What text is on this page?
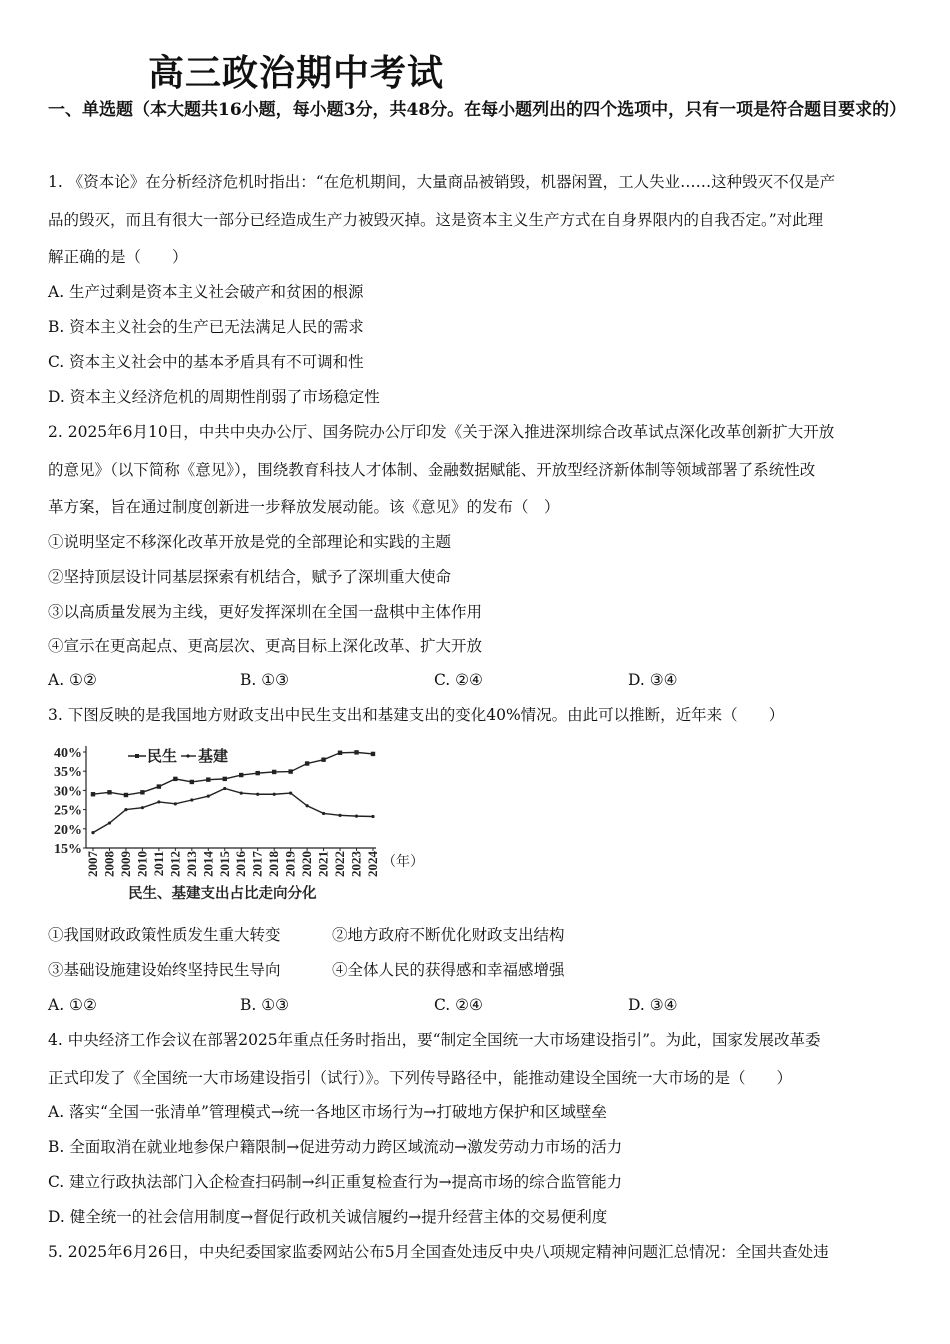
高三政治期中考试
一、单选题（本大题共16小题，每小题3分，共48分。在每小题列出的四个选项中，只有一项是符合题目要求的）
1. 《资本论》在分析经济危机时指出：“在危机期间，大量商品被销毁，机器闲置，工人失业……这种毁灭不仅是产
品的毁灭，而且有很大一部分已经造成生产力被毁灭掉。这是资本主义生产方式在自身界限内的自我否定。”对此理
解正确的是（　　）
A. 生产过剩是资本主义社会破产和贫困的根源
B. 资本主义社会的生产已无法满足人民的需求
C. 资本主义社会中的基本矛盾具有不可调和性
D. 资本主义经济危机的周期性削弱了市场稳定性
2. 2025年6月10日，中共中央办公厅、国务院办公厅印发《关于深入推进深圳综合改革试点深化改革创新扩大开放
的意见》（以下简称《意见》），围绕教育科技人才体制、金融数据赋能、开放型经济新体制等领域部署了系统性改
革方案，旨在通过制度创新进一步释放发展动能。该《意见》的发布（　）
①说明坚定不移深化改革开放是党的全部理论和实践的主题
②坚持顶层设计同基层探索有机结合，赋予了深圳重大使命
③以高质量发展为主线，更好发挥深圳在全国一盘棋中主体作用
④宣示在更高起点、更高层次、更高目标上深化改革、扩大开放
A. ①②	B. ①③	C. ②④	D. ③④
3. 下图反映的是我国地方财政支出中民生支出和基建支出的变化40%情况。由此可以推断，近年来（　　）
40%
35%
30%
25%
20%
15%
2007 2008 2009 2010 2011 2012 2013 2014 2015 2016 2017 2018 2019 2020 2021 2022 2023 2024 （年）
民生、基建支出占比走向分化
民生 基建
①我国财政政策性质发生重大转变	②地方政府不断优化财政支出结构
③基础设施建设始终坚持民生导向	④全体人民的获得感和幸福感增强
A. ①②	B. ①③	C. ②④	D. ③④
4. 中央经济工作会议在部署2025年重点任务时指出，要“制定全国统一大市场建设指引”。为此，国家发展改革委
正式印发了《全国统一大市场建设指引（试行）》。下列传导路径中，能推动建设全国统一大市场的是（　　）
A. 落实“全国一张清单”管理模式→统一各地区市场行为→打破地方保护和区域壁垒
B. 全面取消在就业地参保户籍限制→促进劳动力跨区域流动→激发劳动力市场的活力
C. 建立行政执法部门入企检查扫码制→纠正重复检查行为→提高市场的综合监管能力
D. 健全统一的社会信用制度→督促行政机关诚信履约→提升经营主体的交易便利度
5. 2025年6月26日，中央纪委国家监委网站公布5月全国查处违反中央八项规定精神问题汇总情况：全国共查处违
